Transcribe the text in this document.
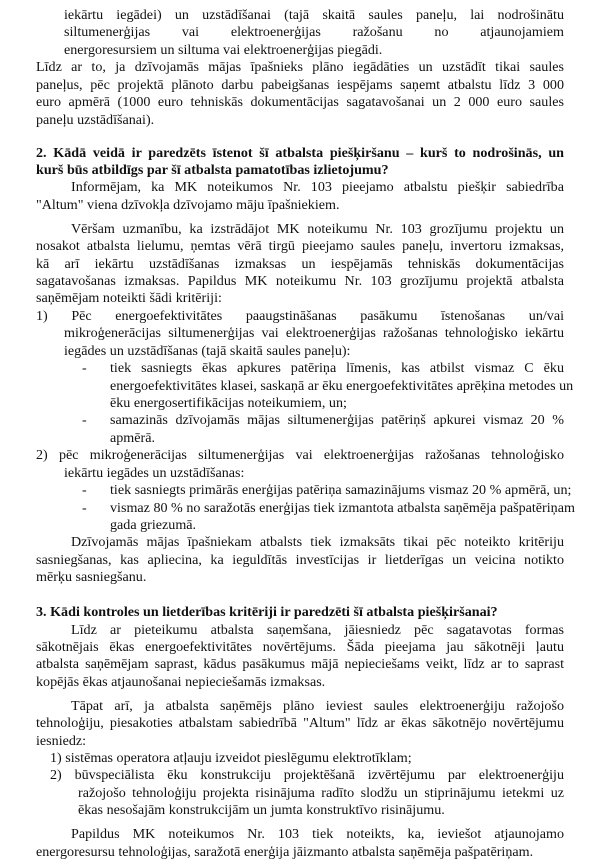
iekārtu iegādei) un uzstādīšanai (tajā skaitā saules paneļu, lai nodrošinātu
siltumenerģijas vai elektroenerģijas ražošanu no atjaunojamiem
energoresursiem un siltuma vai elektroenerģijas piegādi.
Līdz ar to, ja dzīvojamās mājas īpašnieks plāno iegādāties un uzstādīt tikai saules
paneļus, pēc projektā plānoto darbu pabeigšanas iespējams saņemt atbalstu līdz 3 000
euro apmērā (1000 euro tehniskās dokumentācijas sagatavošanai un 2 000 euro saules
paneļu uzstādīšanai).
2. Kādā veidā ir paredzēts īstenot šī atbalsta piešķiršanu – kurš to nodrošinās, un
kurš būs atbildīgs par šī atbalsta pamatotības izlietojumu?
Informējam, ka MK noteikumos Nr. 103 pieejamo atbalstu piešķir sabiedrība
"Altum" viena dzīvokļa dzīvojamo māju īpašniekiem.
Vēršam uzmanību, ka izstrādājot MK noteikumu Nr. 103 grozījumu projektu un
nosakot atbalsta lielumu, ņemtas vērā tirgū pieejamo saules paneļu, invertoru izmaksas,
kā arī iekārtu uzstādīšanas izmaksas un iespējamās tehniskās dokumentācijas
sagatavošanas izmaksas. Papildus MK noteikumu Nr. 103 grozījumu projektā atbalsta
saņēmējam noteikti šādi kritēriji:
1) Pēc energoefektivitātes paaugstināšanas pasākumu īstenošanas un/vai
mikroģenerācijas siltumenerģijas vai elektroenerģijas ražošanas tehnoloģisko iekārtu
iegādes un uzstādīšanas (tajā skaitā saules paneļu):
- tiek sasniegts ēkas apkures patēriņa līmenis, kas atbilst vismaz C ēku
energoefektivitātes klasei, saskaņā ar ēku energoefektivitātes aprēķina metodes un
ēku energosertifikācijas noteikumiem, un;
- samazinās dzīvojamās mājas siltumenerģijas patēriņš apkurei vismaz 20 %
apmērā.
2) pēc mikroģenerācijas siltumenerģijas vai elektroenerģijas ražošanas tehnoloģisko
iekārtu iegādes un uzstādīšanas:
- tiek sasniegts primārās enerģijas patēriņa samazinājums vismaz 20 % apmērā, un;
- vismaz 80 % no saražotās enerģijas tiek izmantota atbalsta saņēmēja pašpatēriņam
gada griezumā.
Dzīvojamās mājas īpašniekam atbalsts tiek izmaksāts tikai pēc noteikto kritēriju
sasniegšanas, kas apliecina, ka ieguldītās investīcijas ir lietderīgas un veicina notikto
mērķu sasniegšanu.
3. Kādi kontroles un lietderības kritēriji ir paredzēti šī atbalsta piešķiršanai?
Līdz ar pieteikumu atbalsta saņemšana, jāiesniedz pēc sagatavotas formas
sākotnējais ēkas energoefektivitātes novērtējums. Šāda pieejama jau sākotnēji ļautu
atbalsta saņēmējam saprast, kādus pasākumus mājā nepieciešams veikt, līdz ar to saprast
kopējās ēkas atjaunošanai nepieciešamās izmaksas.
Tāpat arī, ja atbalsta saņēmējs plāno ieviest saules elektroenerģiju ražojošo
tehnoloģiju, piesakoties atbalstam sabiedrībā "Altum" līdz ar ēkas sākotnējo novērtējumu
iesniedz:
1) sistēmas operatora atļauju izveidot pieslēgumu elektrotīklam;
2) būvspeciālista ēku konstrukciju projektēšanā izvērtējumu par elektroenerģiju
ražojošo tehnoloģiju projekta risinājuma radīto slodžu un stiprinājumu ietekmi uz
ēkas nesošajām konstrukcijām un jumta konstruktīvo risinājumu.
Papildus MK noteikumos Nr. 103 tiek noteikts, ka, ieviešot atjaunojamo
energoresursu tehnoloģijas, saražotā enerģija jāizmanto atbalsta saņēmēja pašpatēriņam.
